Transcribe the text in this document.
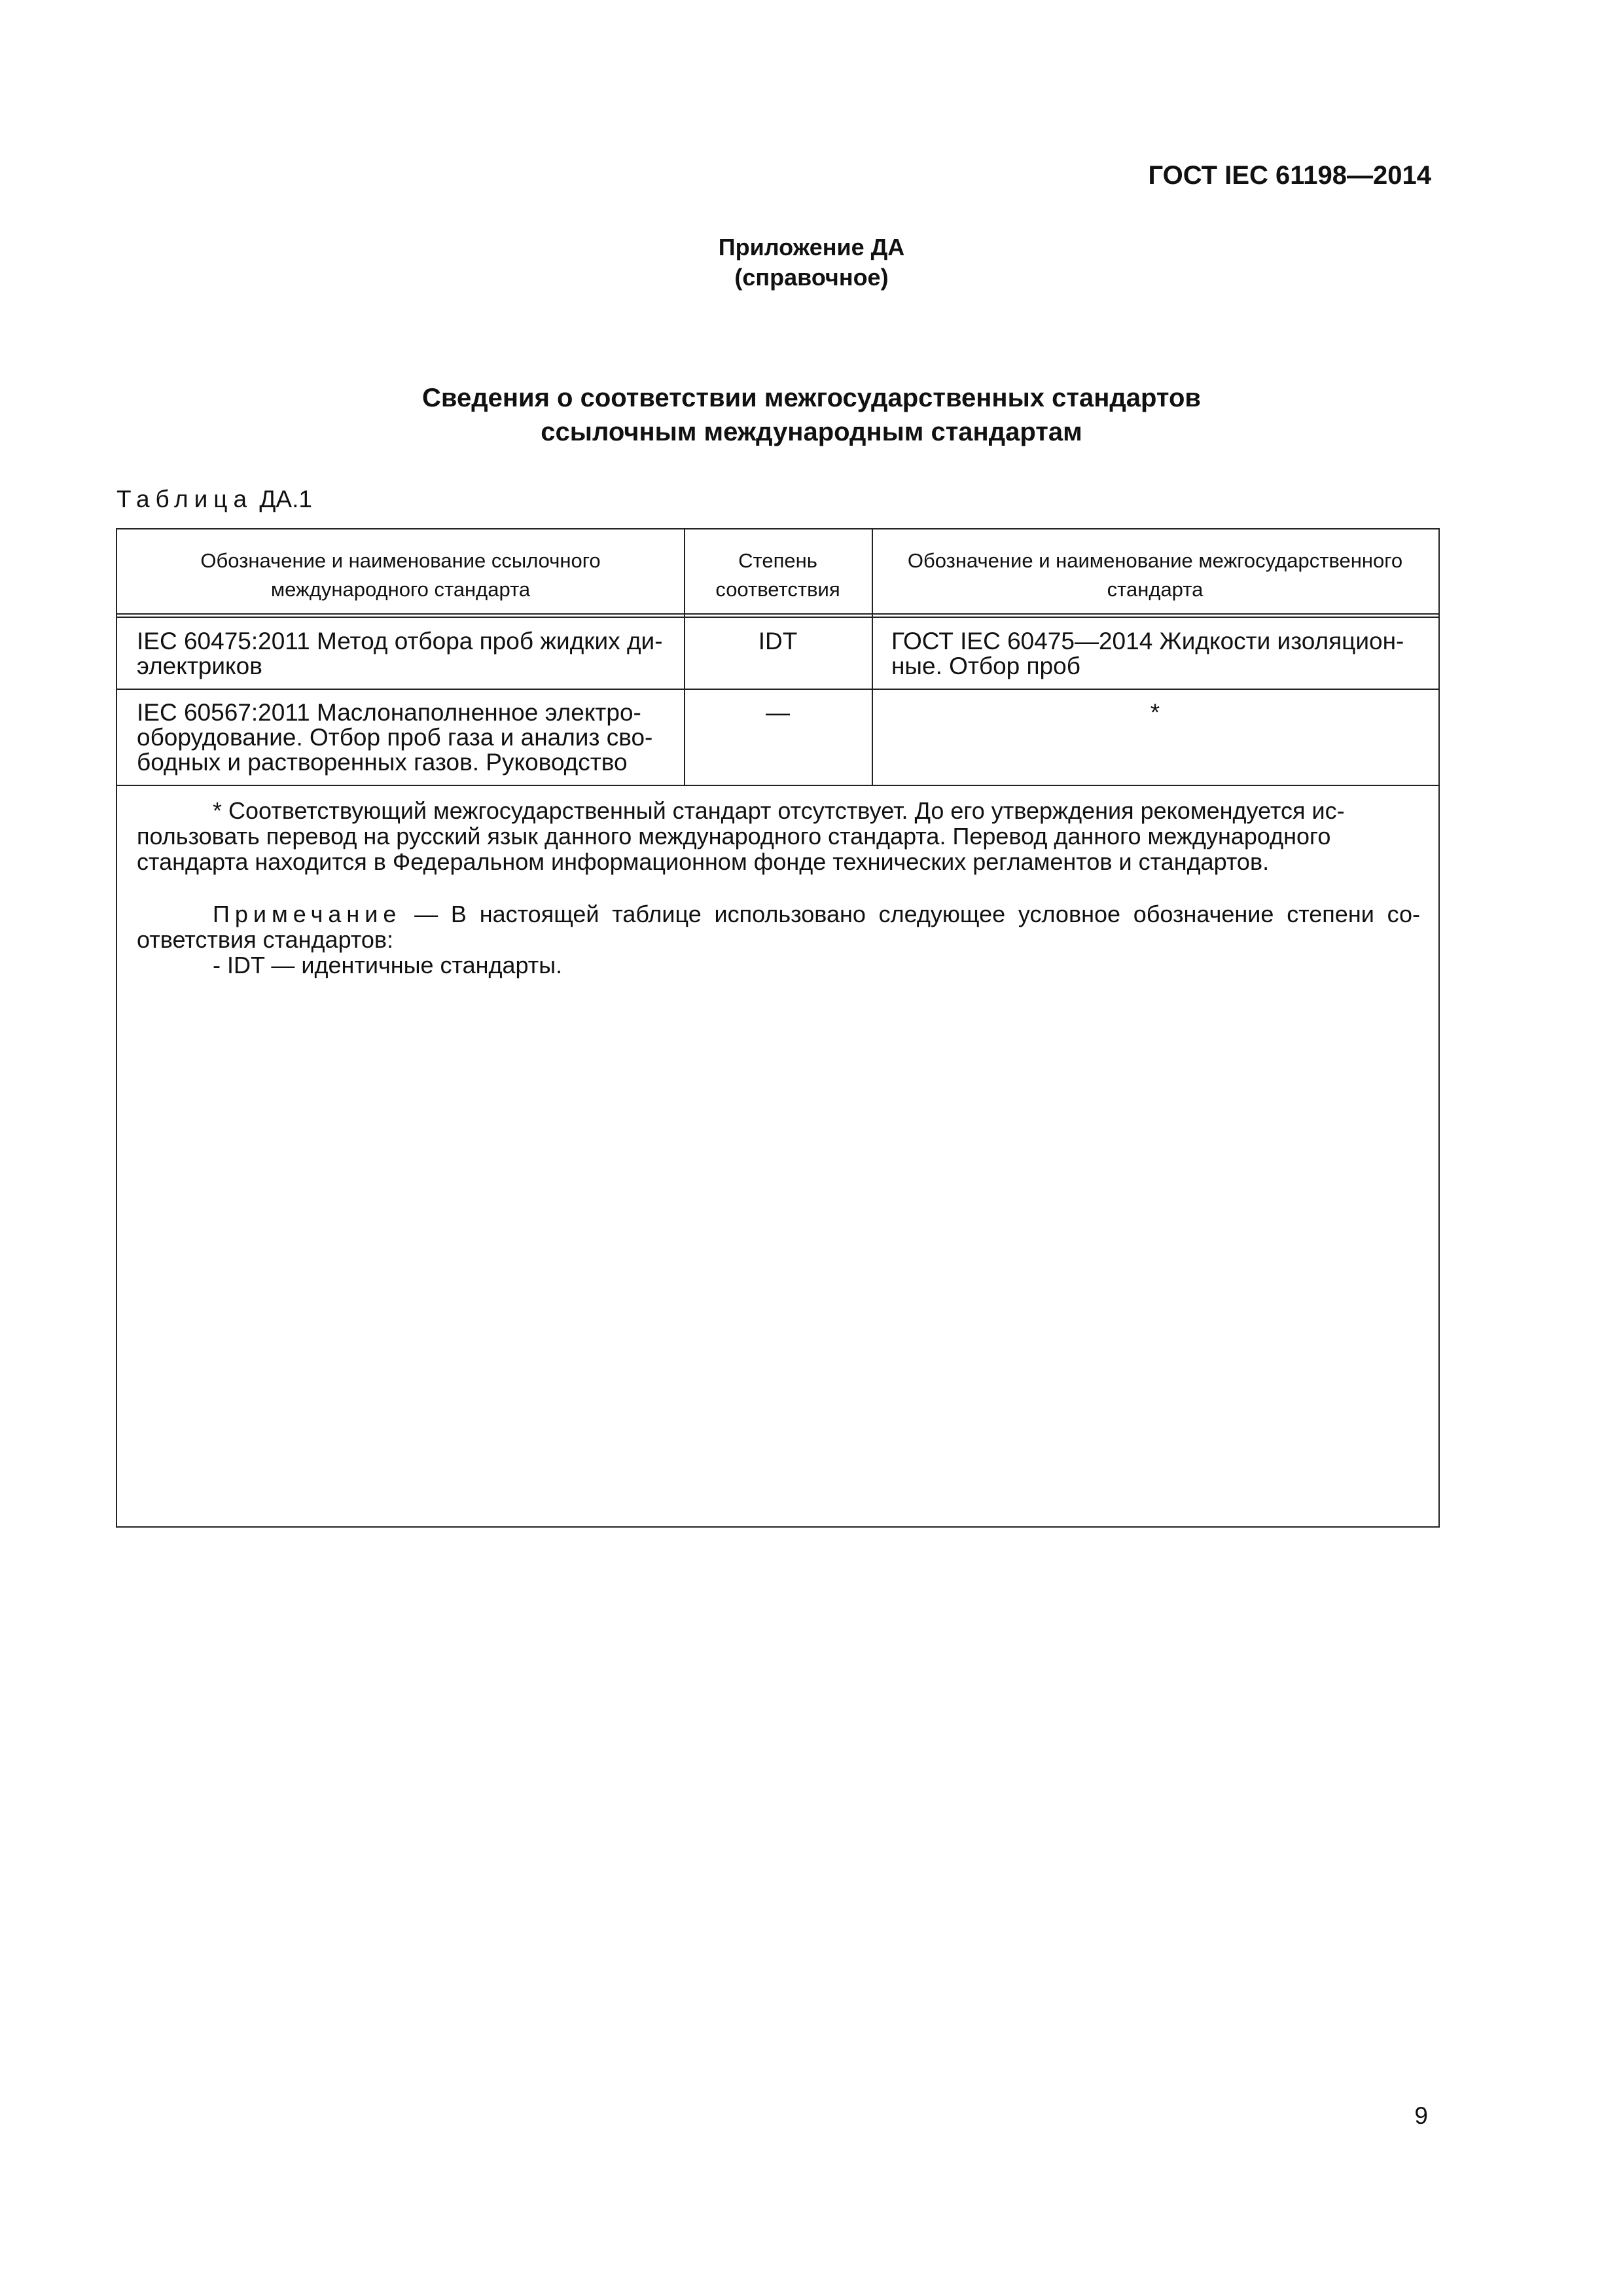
ГОСТ IEC 61198—2014
Приложение ДА
(справочное)
Сведения о соответствии межгосударственных стандартов
ссылочным международным стандартам
Таблица ДА.1
Обозначение и наименование ссылочного
международного стандарта
Степень
соответствия
Обозначение и наименование межгосударственного
стандарта
IEC 60475:2011 Метод отбора проб жидких ди-
электриков
IDT	ГОСТ IEC 60475—2014 Жидкости изоляцион-
ные. Отбор проб
IEC 60567:2011 Маслонаполненное электро-
оборудование. Отбор проб газа и анализ сво-
бодных и растворенных газов. Руководство
—	*
* Соответствующий межгосударственный стандарт отсутствует. До его утверждения рекомендуется ис-
пользовать перевод на русский язык данного международного стандарта. Перевод данного международного
стандарта находится в Федеральном информационном фонде технических регламентов и стандартов.
Примечание — В настоящей таблице использовано следующее условное обозначение степени со-
ответствия стандартов:
- IDT — идентичные стандарты.
9
